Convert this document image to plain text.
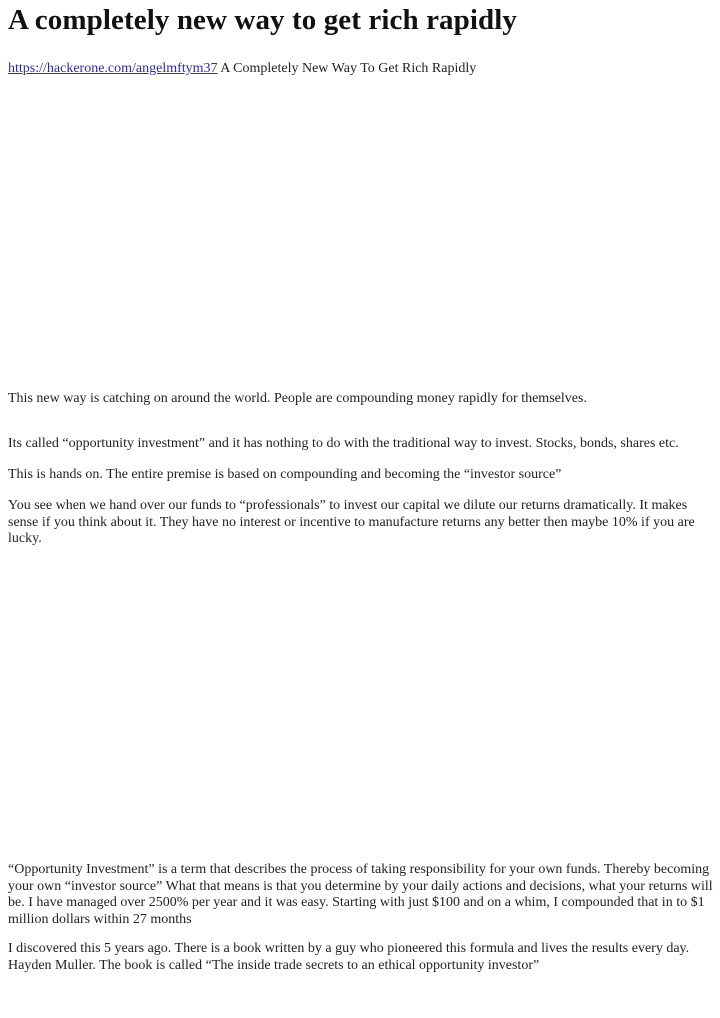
A completely new way to get rich rapidly

https://hackerone.com/angelmftym37 A Completely New Way To Get Rich Rapidly

This new way is catching on around the world. People are compounding money rapidly for themselves.

Its called “opportunity investment” and it has nothing to do with the traditional way to invest. Stocks, bonds, shares etc.

This is hands on. The entire premise is based on compounding and becoming the “investor source”

You see when we hand over our funds to “professionals” to invest our capital we dilute our returns dramatically. It makes sense if you think about it. They have no interest or incentive to manufacture returns any better then maybe 10% if you are lucky.

“Opportunity Investment” is a term that describes the process of taking responsibility for your own funds. Thereby becoming your own “investor source” What that means is that you determine by your daily actions and decisions, what your returns will be. I have managed over 2500% per year and it was easy. Starting with just $100 and on a whim, I compounded that in to $1 million dollars within 27 months

I discovered this 5 years ago. There is a book written by a guy who pioneered this formula and lives the results every day. Hayden Muller. The book is called “The inside trade secrets to an ethical opportunity investor”
